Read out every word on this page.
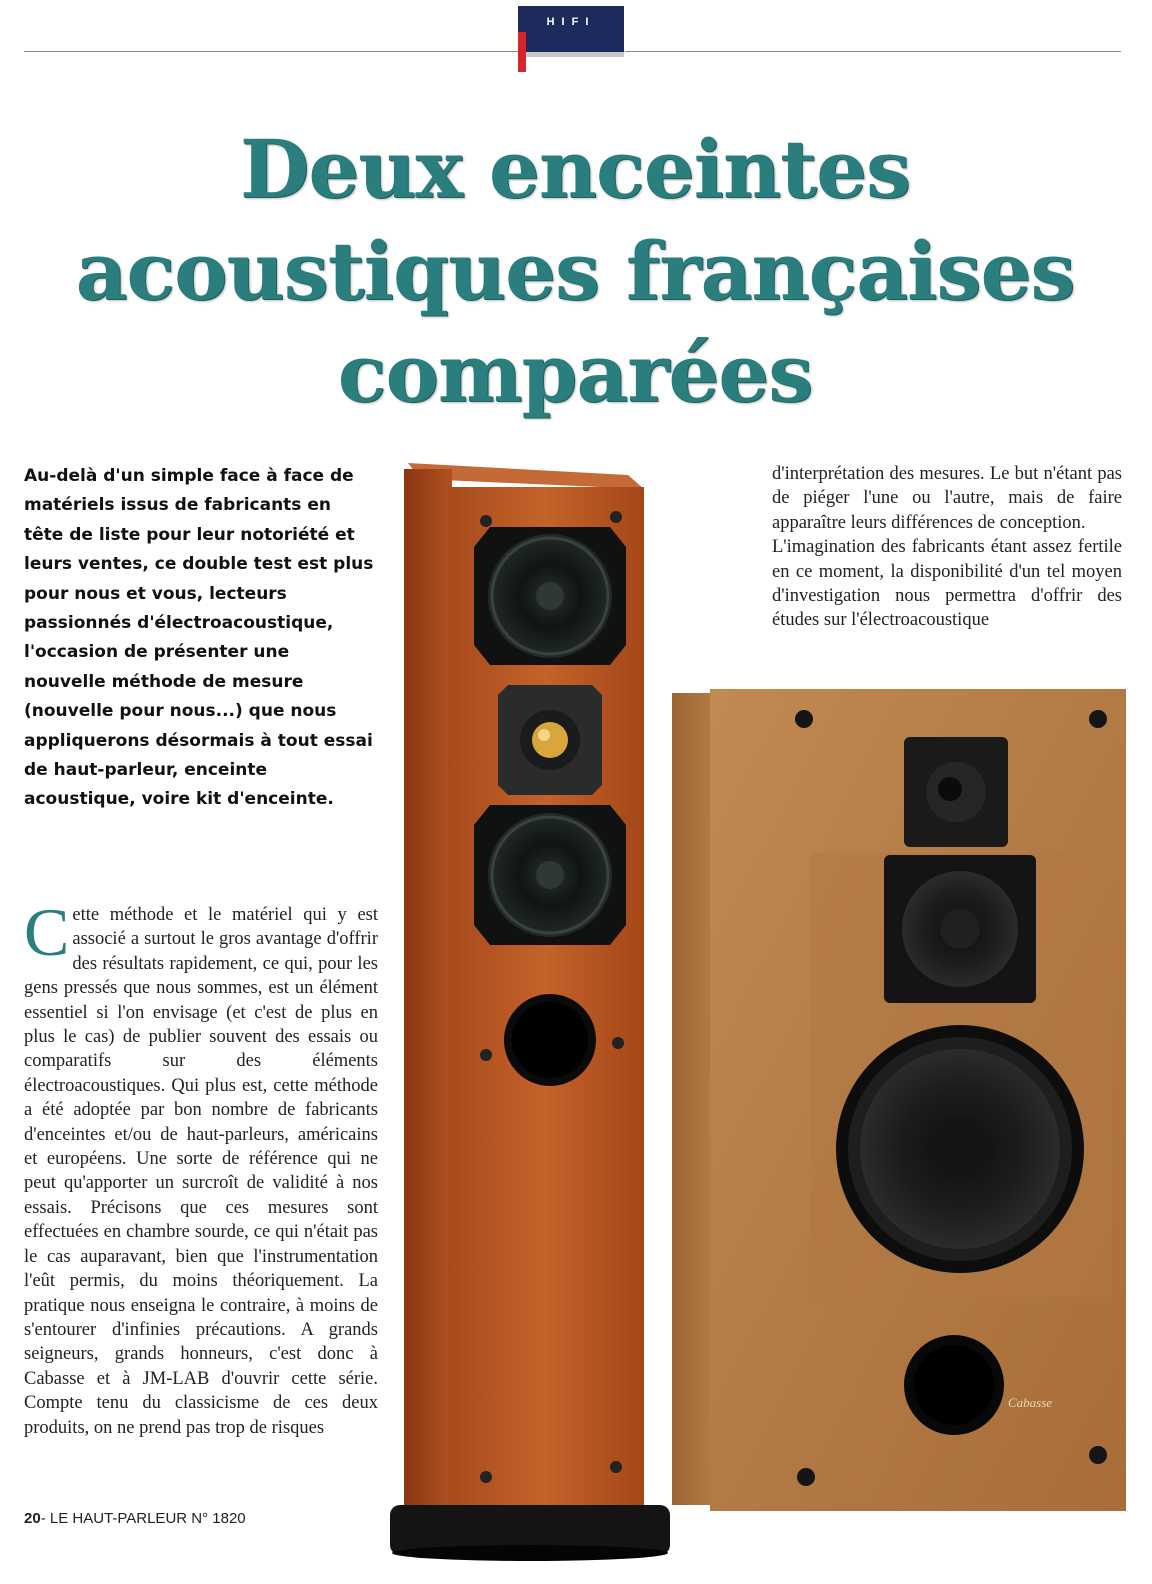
HIFI
Deux enceintes
acoustiques françaises
comparées

Au-delà d'un simple face à face de matériels issus de fabricants en tête de liste pour leur notoriété et leurs ventes, ce double test est plus pour nous et vous, lecteurs passionnés d'électroacoustique, l'occasion de présenter une nouvelle méthode de mesure (nouvelle pour nous...) que nous appliquerons désormais à tout essai de haut-parleur, enceinte acoustique, voire kit d'enceinte.

Cette méthode et le matériel qui y est associé a surtout le gros avantage d'offrir des résultats rapidement, ce qui, pour les gens pressés que nous sommes, est un élément essentiel si l'on envisage (et c'est de plus en plus le cas) de publier souvent des essais ou comparatifs sur des éléments électroacoustiques. Qui plus est, cette méthode a été adoptée par bon nombre de fabricants d'enceintes et/ou de haut-parleurs, américains et européens. Une sorte de référence qui ne peut qu'apporter un surcroît de validité à nos essais. Précisons que ces mesures sont effectuées en chambre sourde, ce qui n'était pas le cas auparavant, bien que l'instrumentation l'eût permis, du moins théoriquement. La pratique nous enseigna le contraire, à moins de s'entourer d'infinies précautions. A grands seigneurs, grands honneurs, c'est donc à Cabasse et à JM-LAB d'ouvrir cette série. Compte tenu du classicisme de ces deux produits, on ne prend pas trop de risques

d'interprétation des mesures. Le but n'étant pas de piéger l'une ou l'autre, mais de faire apparaître leurs différences de conception.

L'imagination des fabricants étant assez fertile en ce moment, la disponibilité d'un tel moyen d'investigation nous permettra d'offrir des études sur l'électroacoustique

Cabasse
20- LE HAUT-PARLEUR N° 1820
